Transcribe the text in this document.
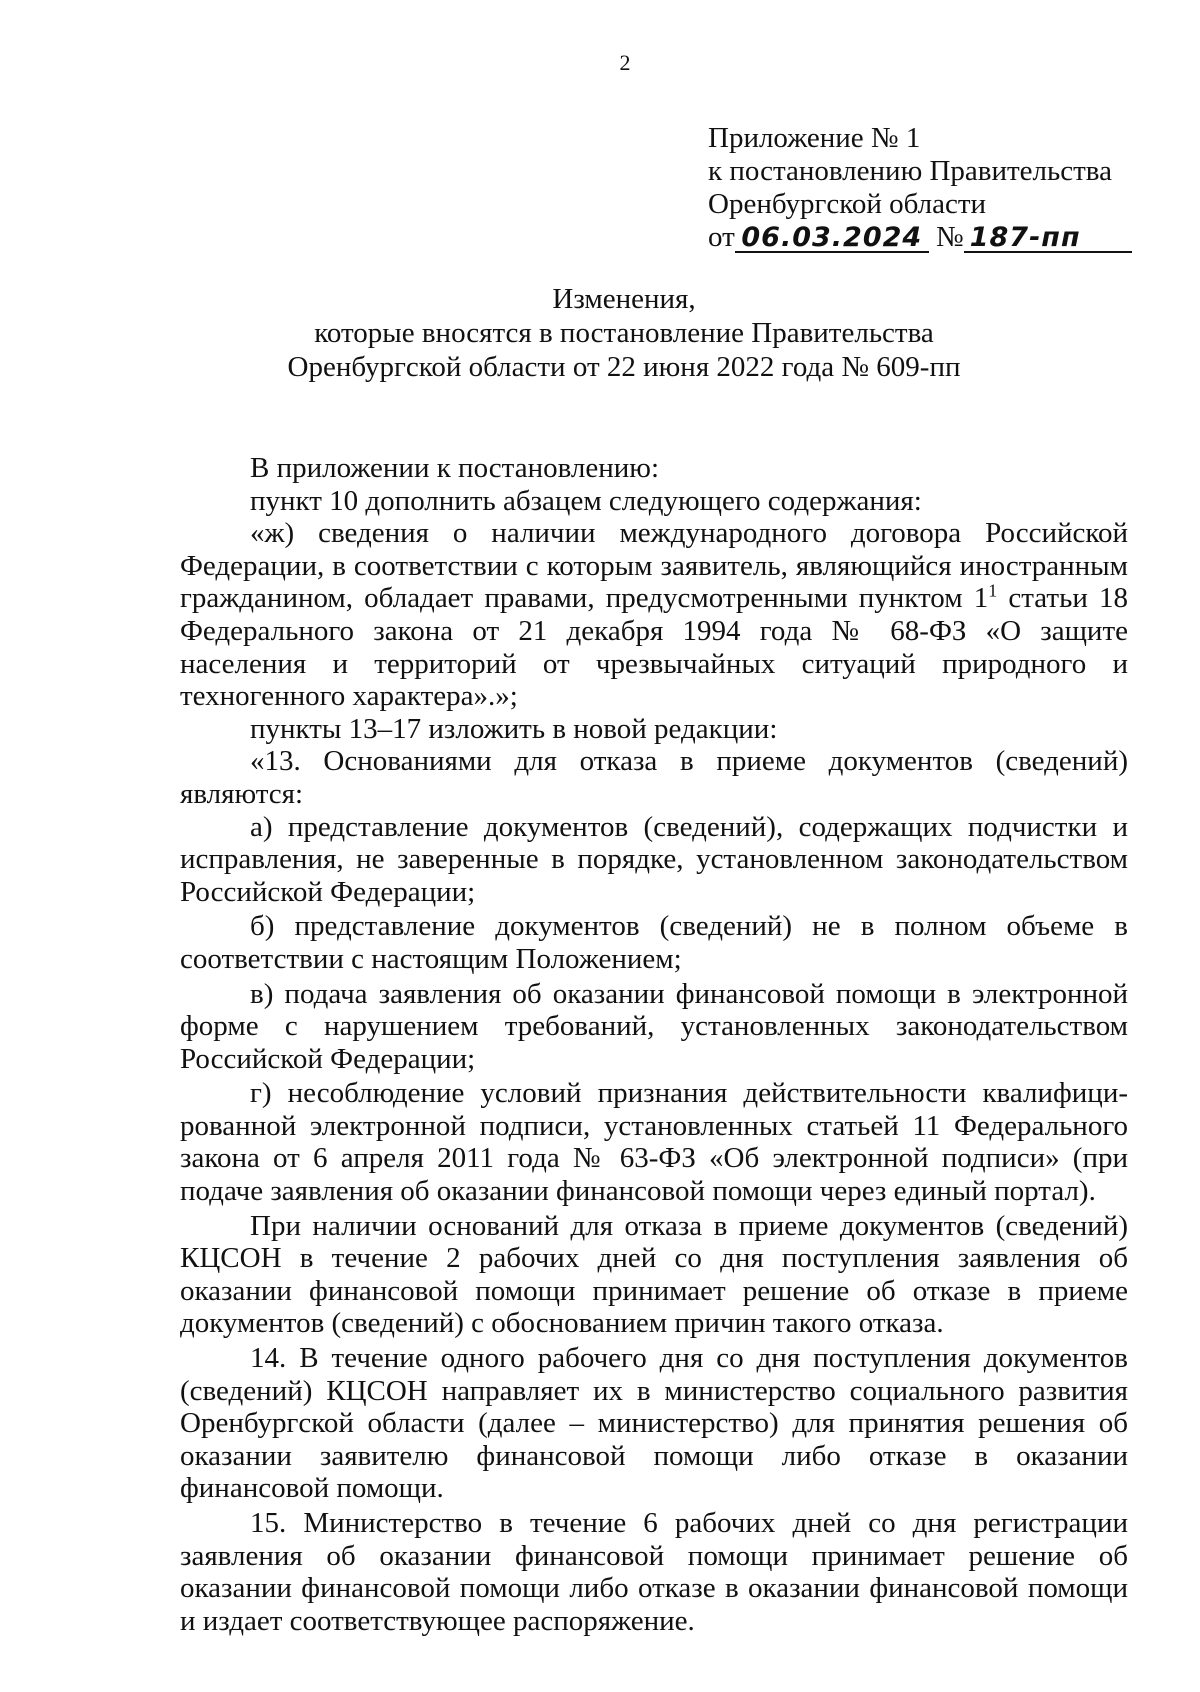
2
Приложение № 1
к постановлению Правительства
Оренбургской области
от 06.03.2024 № 187-пп
Изменения,
которые вносятся в постановление Правительства
Оренбургской области от 22 июня 2022 года № 609-пп

В приложении к постановлению:

пункт 10 дополнить абзацем следующего содержания:

«ж) сведения о наличии международного договора Российской Федерации, в соответствии с которым заявитель, являющийся иностранным гражданином, обладает правами, предусмотренными пунктом $1^1$ статьи 18 Федерального закона от 21 декабря 1994 года № 68-ФЗ «О защите населения и территорий от чрезвычайных ситуаций природного и техногенного характера».»;

пункты 13–17 изложить в новой редакции:

«13. Основаниями для отказа в приеме документов (сведений) являются:

а) представление документов (сведений), содержащих подчистки и исправления, не заверенные в порядке, установленном законодательством Российской Федерации;

б) представление документов (сведений) не в полном объеме в соответствии с настоящим Положением;

в) подача заявления об оказании финансовой помощи в электронной форме с нарушением требований, установленных законодательством Российской Федерации;

г) несоблюдение условий признания действительности квалифици-рованной электронной подписи, установленных статьей 11 Федерального закона от 6 апреля 2011 года № 63-ФЗ «Об электронной подписи» (при подаче заявления об оказании финансовой помощи через единый портал).

При наличии оснований для отказа в приеме документов (сведений) КЦСОН в течение 2 рабочих дней со дня поступления заявления об оказании финансовой помощи принимает решение об отказе в приеме документов (сведений) с обоснованием причин такого отказа.

14. В течение одного рабочего дня со дня поступления документов (сведений) КЦСОН направляет их в министерство социального развития Оренбургской области (далее – министерство) для принятия решения об оказании заявителю финансовой помощи либо отказе в оказании финансовой помощи.

15. Министерство в течение 6 рабочих дней со дня регистрации заявления об оказании финансовой помощи принимает решение об оказании финансовой помощи либо отказе в оказании финансовой помощи и издает соответствующее распоряжение.
